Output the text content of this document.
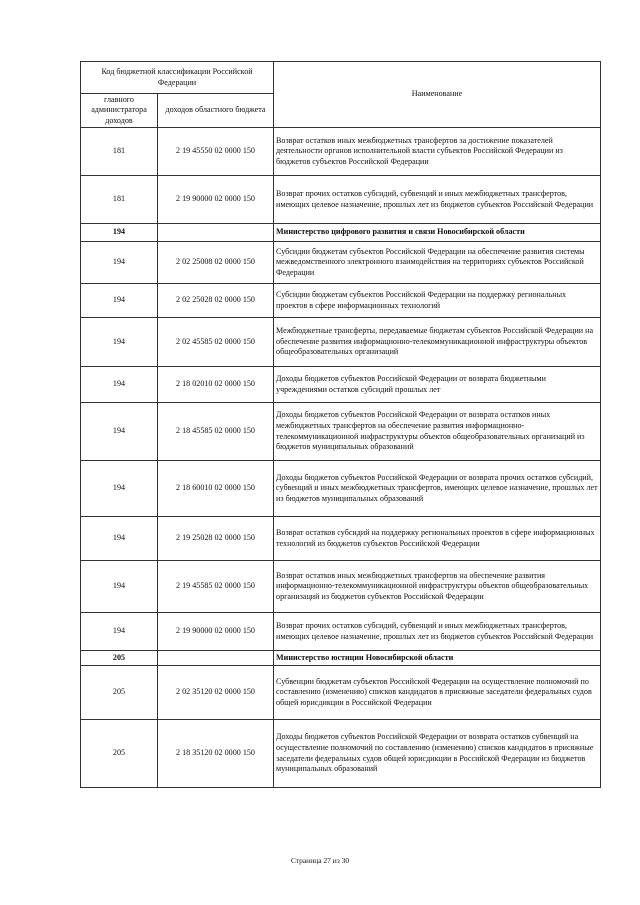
Код бюджетной классификации Российской Федерации		Наименование
главного администратора доходов	доходов областного бюджета	
181	2 19 45550 02 0000 150	Возврат остатков иных межбюджетных трансфертов за достижение показателей деятельности органов исполнительной власти субъектов Российской Федерации из бюджетов субъектов Российской Федерации
181	2 19 90000 02 0000 150	Возврат прочих остатков субсидий, субвенций и иных межбюджетных трансфертов, имеющих целевое назначение, прошлых лет из бюджетов субъектов Российской Федерации
194		Министерство цифрового развития и связи Новосибирской области
194	2 02 25008 02 0000 150	Субсидии бюджетам субъектов Российской Федерации на обеспечение развития системы межведомственного электронного взаимодействия на территориях субъектов Российской Федерации
194	2 02 25028 02 0000 150	Субсидии бюджетам субъектов Российской Федерации на поддержку региональных проектов в сфере информационных технологий
194	2 02 45585 02 0000 150	Межбюджетные трансферты, передаваемые бюджетам субъектов Российской Федерации на обеспечение развития информационно-телекоммуникационной инфраструктуры объектов общеобразовательных организаций
194	2 18 02010 02 0000 150	Доходы бюджетов субъектов Российской Федерации от возврата бюджетными учреждениями остатков субсидий прошлых лет
194	2 18 45585 02 0000 150	Доходы бюджетов субъектов Российской Федерации от возврата остатков иных межбюджетных трансфертов на обеспечение развития информационно-телекоммуникационной инфраструктуры объектов общеобразовательных организаций из бюджетов муниципальных образований
194	2 18 60010 02 0000 150	Доходы бюджетов субъектов Российской Федерации от возврата прочих остатков субсидий, субвенций и иных межбюджетных трансфертов, имеющих целевое назначение, прошлых лет из бюджетов муниципальных образований
194	2 19 25028 02 0000 150	Возврат остатков субсидий на поддержку региональных проектов в сфере информационных технологий из бюджетов субъектов Российской Федерации
194	2 19 45585 02 0000 150	Возврат остатков иных межбюджетных трансфертов на обеспечение развития информационно-телекоммуникационной инфраструктуры объектов общеобразовательных организаций из бюджетов субъектов Российской Федерации
194	2 19 90000 02 0000 150	Возврат прочих остатков субсидий, субвенций и иных межбюджетных трансфертов, имеющих целевое назначение, прошлых лет из бюджетов субъектов Российской Федерации
205		Министерство юстиции Новосибирской области
205	2 02 35120 02 0000 150	Субвенции бюджетам субъектов Российской Федерации на осуществление полномочий по составлению (изменению) списков кандидатов в присяжные заседатели федеральных судов общей юрисдикции в Российской Федерации
205	2 18 35120 02 0000 150	Доходы бюджетов субъектов Российской Федерации от возврата остатков субвенций на осуществление полномочий по составлению (изменению) списков кандидатов в присяжные заседатели федеральных судов общей юрисдикции в Российской Федерации из бюджетов муниципальных образований
Страница 27 из 30
